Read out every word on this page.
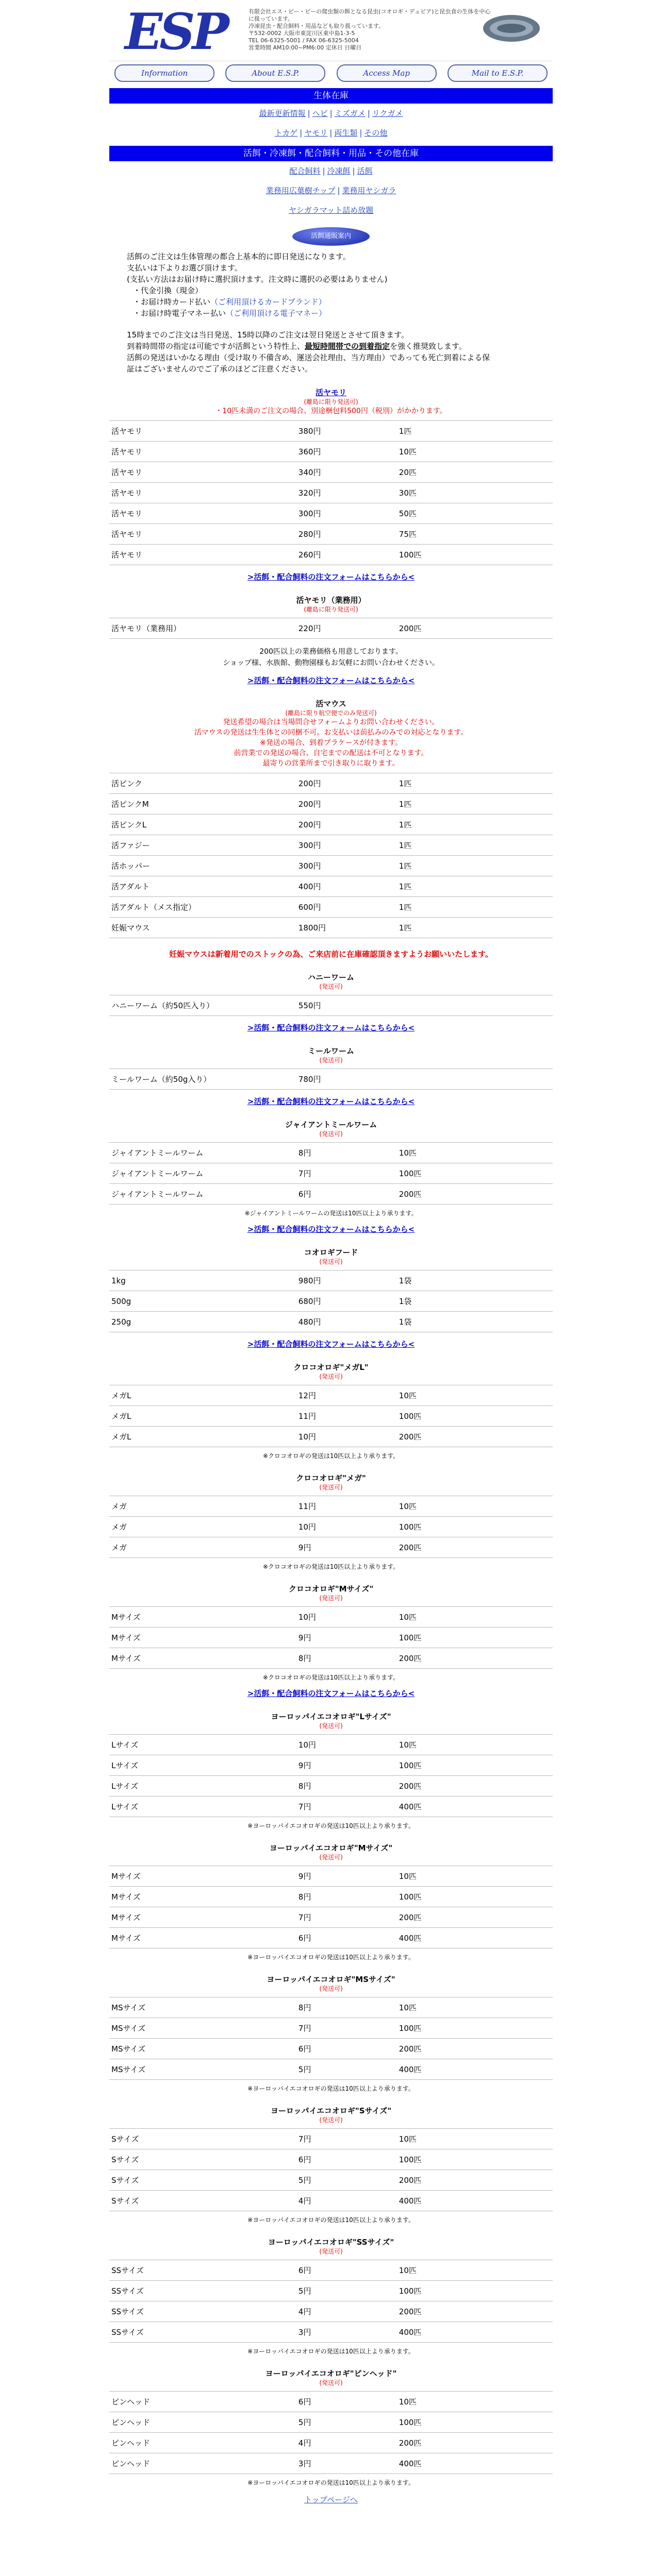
ESP	有限会社エス・ピー・ピーの爬虫類の餌となる昆虫(コオロギ・デュビア)と昆虫食の生体を中心に扱っています。
冷凍昆虫・配合飼料・用品なども取り扱っています。
〒532-0002 大阪市東淀川区東中島1-3-5
TEL 06-6325-5001 / FAX 06-6325-5004
営業時間 AM10:00~PM6:00 定休日 日曜日
Information	About E.S.P.	Access Map	Mail to E.S.P.
生体在庫
最新更新情報 | ヘビ | ミズガメ | リクガメ
トカゲ | ヤモリ | 両生類 | その他
活餌・冷凍餌・配合飼料・用品・その他在庫
配合飼料 | 冷凍餌 | 活餌
業務用広葉樹チップ | 業務用ヤシガラ
ヤシガラマット詰め放題
活餌通販案内
活餌のご注文は生体管理の都合上基本的に即日発送になります。
支払いは下よりお選び頂けます。
(支払い方法はお届け時に選択頂けます。注文時に選択の必要はありません)
・代金引換（現金）
・お届け時カード払い（ご利用頂けるカードブランド）
・お届け時電子マネー払い（ご利用頂ける電子マネー）
15時までのご注文は当日発送、15時以降のご注文は翌日発送とさせて頂きます。
到着時間帯の指定は可能ですが活餌という特性上、最短時間帯での到着指定を強く推奨致します。
活餌の発送はいかなる理由（受け取り不備含め、運送会社理由、当方理由）であっても死亡到着による保
証はございませんのでご了承のほどご注意ください。
活ヤモリ
(離島に限り発送可)
・10匹未満のご注文の場合、別途梱包料500円（税別）がかかります。
活ヤモリ	380円	1匹
活ヤモリ	360円	10匹
活ヤモリ	340円	20匹
活ヤモリ	320円	30匹
活ヤモリ	300円	50匹
活ヤモリ	280円	75匹
活ヤモリ	260円	100匹
>活餌・配合飼料の注文フォームはこちらから<
活ヤモリ（業務用）
(離島に限り発送可)
活ヤモリ（業務用）	220円	200匹
200匹以上の業務価格も用意しております。
ショップ様、水族館、動物園様もお気軽にお問い合わせください。
>活餌・配合飼料の注文フォームはこちらから<
活マウス
(離島に限り航空便でのみ発送可)
発送希望の場合は当場問合せフォームよりお問い合わせください。
活マウスの発送は生生体との同梱不可。お支払いは前払みのみでの対応となります。
※発送の場合、到着プラケースが付きます。
前営業での発送の場合、自宅までの配送は不可となります。
最寄りの営業所まで引き取りに取ります。
活ピンク	200円	1匹
活ピンクM	200円	1匹
活ピンクL	200円	1匹
活ファジー	300円	1匹
活ホッパー	300円	1匹
活アダルト	400円	1匹
活アダルト（メス指定）	600円	1匹
妊娠マウス	1800円	1匹
妊娠マウスは新着用でのストックの為、ご来店前に在庫確認頂きますようお願いいたします。
ハニーワーム
(発送可)
ハニーワーム（約50匹入り）	550円	
>活餌・配合飼料の注文フォームはこちらから<
ミールワーム
(発送可)
ミールワーム（約50g入り）	780円	
>活餌・配合飼料の注文フォームはこちらから<
ジャイアントミールワーム
(発送可)
ジャイアントミールワーム	8円	10匹
ジャイアントミールワーム	7円	100匹
ジャイアントミールワーム	6円	200匹
※ジャイアントミールワームの発送は10匹以上より承ります。
>活餌・配合飼料の注文フォームはこちらから<
コオロギフード
(発送可)
1kg	980円	1袋
500g	680円	1袋
250g	480円	1袋
>活餌・配合飼料の注文フォームはこちらから<
クロコオロギ"メガL"
(発送可)
メガL	12円	10匹
メガL	11円	100匹
メガL	10円	200匹
※クロコオロギの発送は10匹以上より承ります。
クロコオロギ"メガ"
(発送可)
メガ	11円	10匹
メガ	10円	100匹
メガ	9円	200匹
※クロコオロギの発送は10匹以上より承ります。
クロコオロギ"Mサイズ"
(発送可)
Mサイズ	10円	10匹
Mサイズ	9円	100匹
Mサイズ	8円	200匹
※クロコオロギの発送は10匹以上より承ります。
>活餌・配合飼料の注文フォームはこちらから<
ヨーロッパイエコオロギ"Lサイズ"
(発送可)
Lサイズ	10円	10匹
Lサイズ	9円	100匹
Lサイズ	8円	200匹
Lサイズ	7円	400匹
※ヨーロッパイエコオロギの発送は10匹以上より承ります。
ヨーロッパイエコオロギ"Mサイズ"
(発送可)
Mサイズ	9円	10匹
Mサイズ	8円	100匹
Mサイズ	7円	200匹
Mサイズ	6円	400匹
※ヨーロッパイエコオロギの発送は10匹以上より承ります。
ヨーロッパイエコオロギ"MSサイズ"
(発送可)
MSサイズ	8円	10匹
MSサイズ	7円	100匹
MSサイズ	6円	200匹
MSサイズ	5円	400匹
※ヨーロッパイエコオロギの発送は10匹以上より承ります。
ヨーロッパイエコオロギ"Sサイズ"
(発送可)
Sサイズ	7円	10匹
Sサイズ	6円	100匹
Sサイズ	5円	200匹
Sサイズ	4円	400匹
※ヨーロッパイエコオロギの発送は10匹以上より承ります。
ヨーロッパイエコオロギ"SSサイズ"
(発送可)
SSサイズ	6円	10匹
SSサイズ	5円	100匹
SSサイズ	4円	200匹
SSサイズ	3円	400匹
※ヨーロッパイエコオロギの発送は10匹以上より承ります。
ヨーロッパイエコオロギ"ピンヘッド"
(発送可)
ピンヘッド	6円	10匹
ピンヘッド	5円	100匹
ピンヘッド	4円	200匹
ピンヘッド	3円	400匹
※ヨーロッパイエコオロギの発送は10匹以上より承ります。
トップページへ
